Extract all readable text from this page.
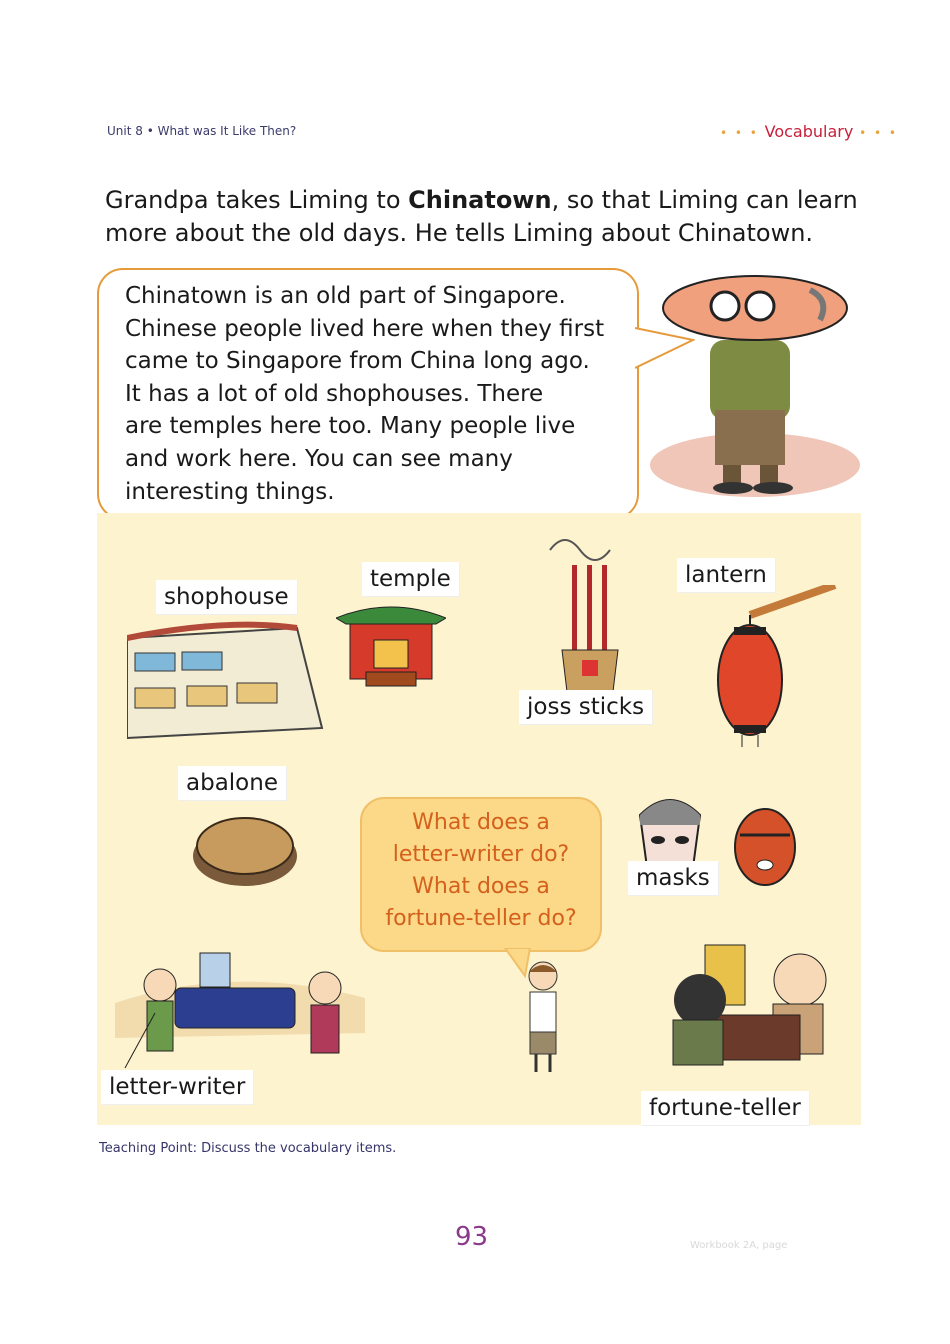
Unit 8 • What was It Like Then?	• • • Vocabulary • • •
Grandpa takes Liming to Chinatown, so that Liming can learn more about the old days. He tells Liming about Chinatown.
Chinatown is an old part of Singapore.
Chinese people lived here when they first
came to Singapore from China long ago.
It has a lot of old shophouses. There
are temples here too. Many people live
and work here. You can see many
interesting things.
shophouse
temple
joss sticks
lantern
abalone
What does a
letter-writer do?
What does a
fortune-teller do?
masks
letter-writer
fortune-teller
Teaching Point: Discuss the vocabulary items.
93	Workbook 2A, page
